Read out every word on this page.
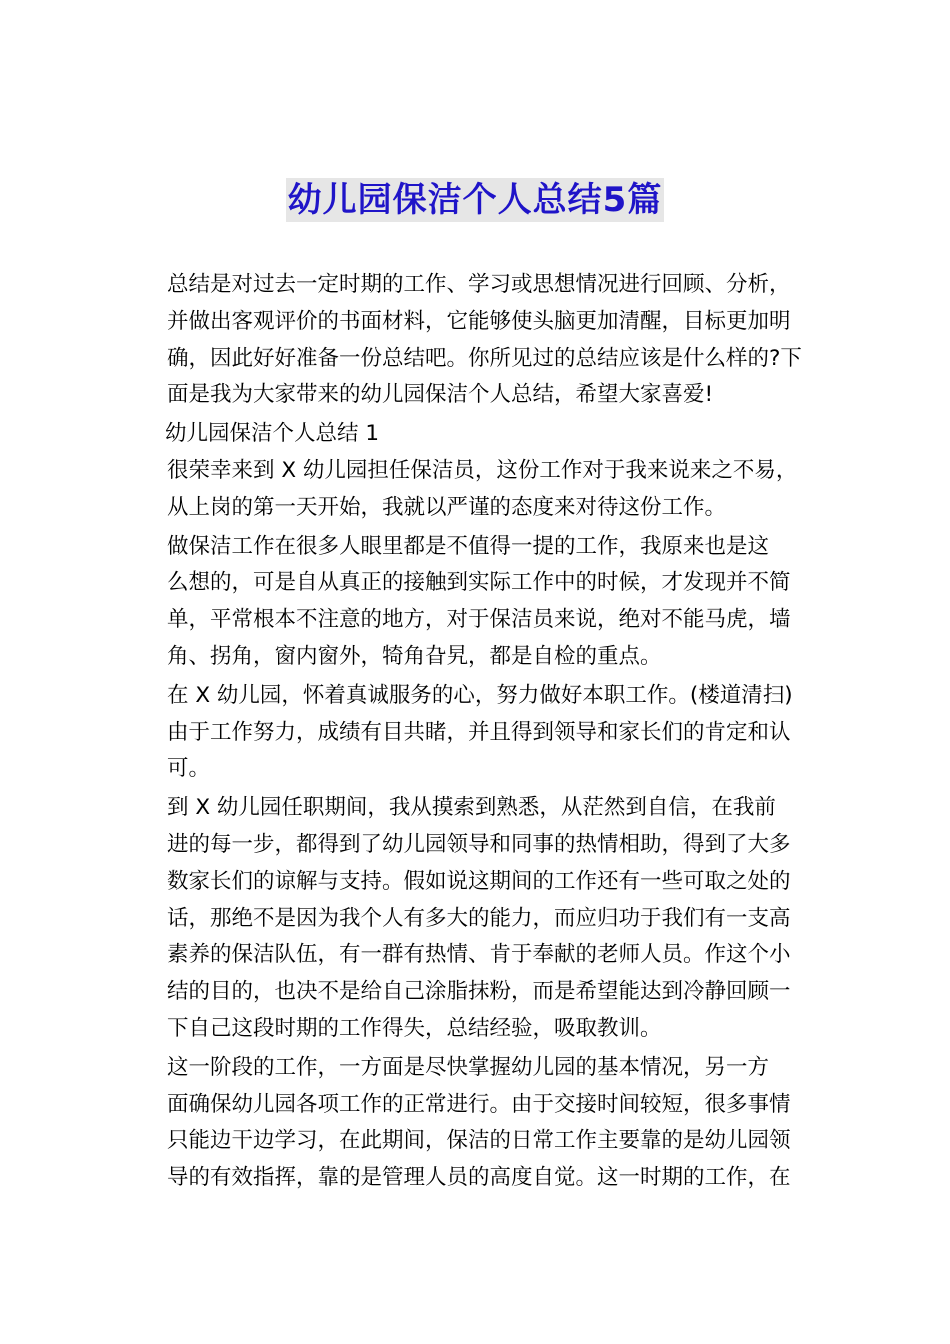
幼儿园保洁个人总结5篇

总结是对过去一定时期的工作、学习或思想情况进行回顾、分析，
并做出客观评价的书面材料，它能够使头脑更加清醒，目标更加明
确，因此好好准备一份总结吧。你所见过的总结应该是什么样的?下
面是我为大家带来的幼儿园保洁个人总结，希望大家喜爱!

幼儿园保洁个人总结 1

很荣幸来到 X 幼儿园担任保洁员，这份工作对于我来说来之不易，
从上岗的第一天开始，我就以严谨的态度来对待这份工作。

做保洁工作在很多人眼里都是不值得一提的工作，我原来也是这
么想的，可是自从真正的接触到实际工作中的时候，才发现并不简
单，平常根本不注意的地方，对于保洁员来说，绝对不能马虎，墙
角、拐角，窗内窗外，犄角旮旯，都是自检的重点。

在 X 幼儿园，怀着真诚服务的心，努力做好本职工作。(楼道清扫)
由于工作努力，成绩有目共睹，并且得到领导和家长们的肯定和认
可。

到 X 幼儿园任职期间，我从摸索到熟悉，从茫然到自信，在我前
进的每一步，都得到了幼儿园领导和同事的热情相助，得到了大多
数家长们的谅解与支持。假如说这期间的工作还有一些可取之处的
话，那绝不是因为我个人有多大的能力，而应归功于我们有一支高
素养的保洁队伍，有一群有热情、肯于奉献的老师人员。作这个小
结的目的，也决不是给自己涂脂抹粉，而是希望能达到冷静回顾一
下自己这段时期的工作得失，总结经验，吸取教训。

这一阶段的工作，一方面是尽快掌握幼儿园的基本情况，另一方
面确保幼儿园各项工作的正常进行。由于交接时间较短，很多事情
只能边干边学习，在此期间，保洁的日常工作主要靠的是幼儿园领
导的有效指挥，靠的是管理人员的高度自觉。这一时期的工作，在
